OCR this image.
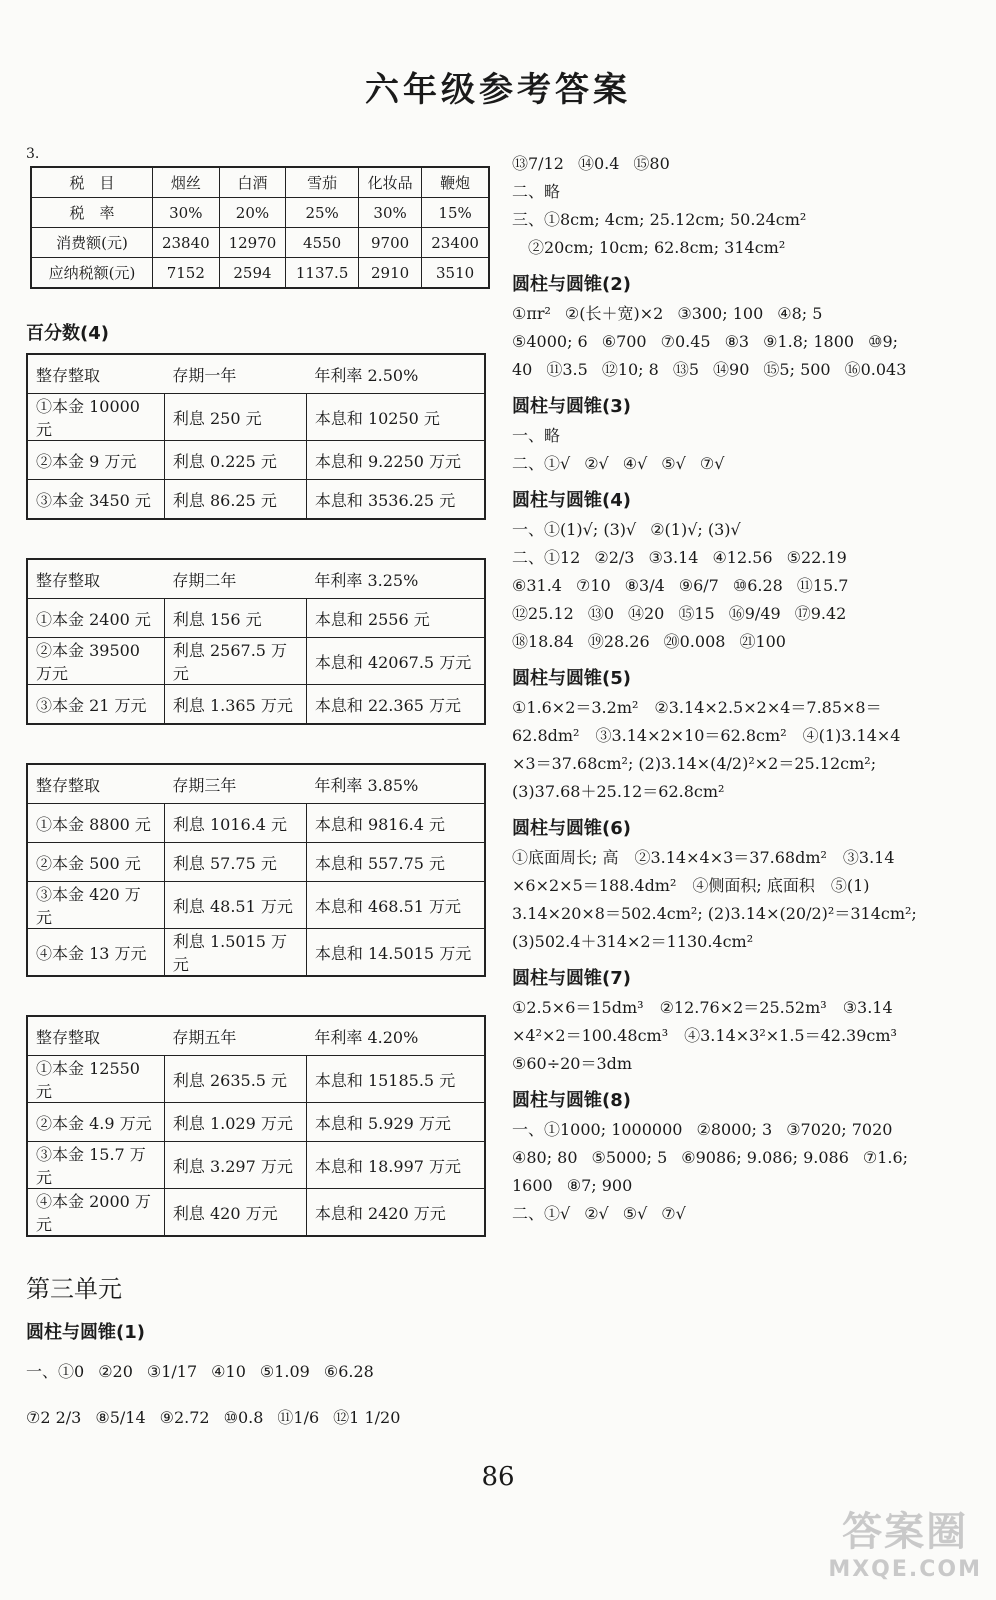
六年级参考答案
3.
税　目	烟丝	白酒	雪茄	化妆品	鞭炮
税　率	30%	20%	25%	30%	15%
消费额(元)	23840	12970	4550	9700	23400
应纳税额(元)	7152	2594	1137.5	2910	3510
百分数(4)
整存整取	存期一年	年利率 2.50%
①本金 10000 元	利息 250 元	本息和 10250 元
②本金 9 万元	利息 0.225 元	本息和 9.2250 万元
③本金 3450 元	利息 86.25 元	本息和 3536.25 元
整存整取	存期二年	年利率 3.25%
①本金 2400 元	利息 156 元	本息和 2556 元
②本金 39500 万元	利息 2567.5 万元	本息和 42067.5 万元
③本金 21 万元	利息 1.365 万元	本息和 22.365 万元
整存整取	存期三年	年利率 3.85%
①本金 8800 元	利息 1016.4 元	本息和 9816.4 元
②本金 500 元	利息 57.75 元	本息和 557.75 元
③本金 420 万元	利息 48.51 万元	本息和 468.51 万元
④本金 13 万元	利息 1.5015 万元	本息和 14.5015 万元
整存整取	存期五年	年利率 4.20%
①本金 12550 元	利息 2635.5 元	本息和 15185.5 元
②本金 4.9 万元	利息 1.029 万元	本息和 5.929 万元
③本金 15.7 万元	利息 3.297 万元	本息和 18.997 万元
④本金 2000 万元	利息 420 万元	本息和 2420 万元
第三单元
圆柱与圆锥(1)
一、①0 ②20 ③1/17 ④10 ⑤1.09 ⑥6.28
⑦2 2/3 ⑧5/14 ⑨2.72 ⑩0.8 ⑪1/6 ⑫1 1/20
⑬7/12 ⑭0.4 ⑮80
二、略
三、①8cm; 4cm; 25.12cm; 50.24cm²
　②20cm; 10cm; 62.8cm; 314cm²
圆柱与圆锥(2)
①πr² ②(长＋宽)×2 ③300; 100 ④8; 5
⑤4000; 6 ⑥700 ⑦0.45 ⑧3 ⑨1.8; 1800 ⑩9;
40 ⑪3.5 ⑫10; 8 ⑬5 ⑭90 ⑮5; 500 ⑯0.043
圆柱与圆锥(3)
一、略
二、①√ ②√ ④√ ⑤√ ⑦√
圆柱与圆锥(4)
一、①(1)√; (3)√ ②(1)√; (3)√
二、①12 ②2/3 ③3.14 ④12.56 ⑤22.19
⑥31.4 ⑦10 ⑧3/4 ⑨6/7 ⑩6.28 ⑪15.7
⑫25.12 ⑬0 ⑭20 ⑮15 ⑯9/49 ⑰9.42
⑱18.84 ⑲28.26 ⑳0.008 ㉑100
圆柱与圆锥(5)
①1.6×2＝3.2m²　②3.14×2.5×2×4＝7.85×8＝
62.8dm²　③3.14×2×10＝62.8cm²　④(1)3.14×4
×3＝37.68cm²; (2)3.14×(4/2)²×2＝25.12cm²;
(3)37.68＋25.12＝62.8cm²
圆柱与圆锥(6)
①底面周长; 高　②3.14×4×3＝37.68dm²　③3.14
×6×2×5＝188.4dm²　④侧面积; 底面积　⑤(1)
3.14×20×8＝502.4cm²; (2)3.14×(20/2)²＝314cm²;
(3)502.4＋314×2＝1130.4cm²
圆柱与圆锥(7)
①2.5×6＝15dm³　②12.76×2＝25.52m³　③3.14
×4²×2＝100.48cm³　④3.14×3²×1.5＝42.39cm³
⑤60÷20＝3dm
圆柱与圆锥(8)
一、①1000; 1000000 ②8000; 3 ③7020; 7020
④80; 80 ⑤5000; 5 ⑥9086; 9.086; 9.086 ⑦1.6;
1600 ⑧7; 900
二、①√ ②√ ⑤√ ⑦√
86
答案圈
MXQE.COM
